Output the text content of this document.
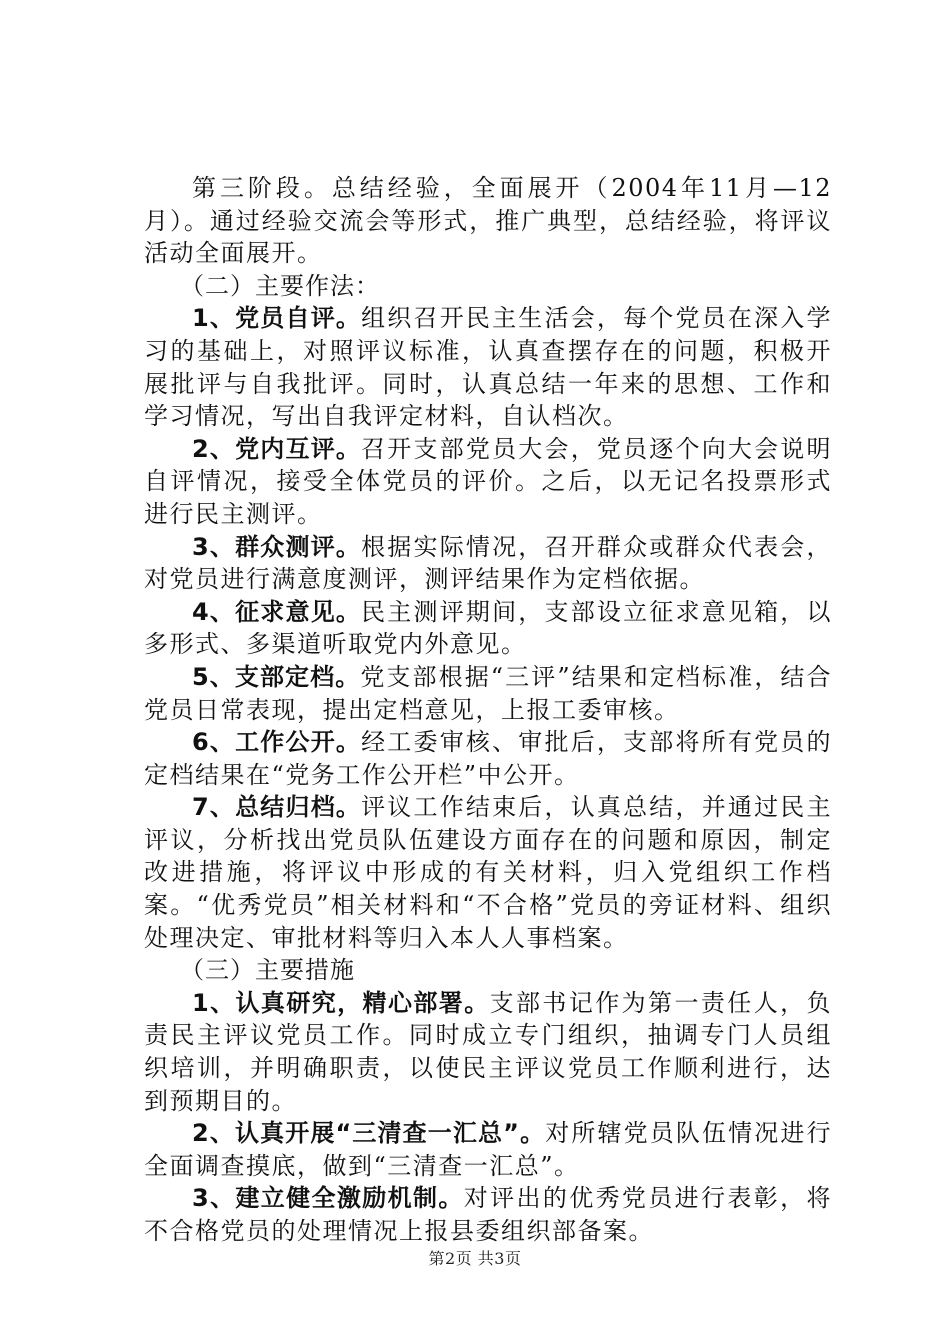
第三阶段。总结经验，全面展开（2004年11月—12月）。通过经验交流会等形式，推广典型，总结经验，将评议活动全面展开。

（二）主要作法：

1、党员自评。组织召开民主生活会，每个党员在深入学习的基础上，对照评议标准，认真查摆存在的问题，积极开展批评与自我批评。同时，认真总结一年来的思想、工作和学习情况，写出自我评定材料，自认档次。

2、党内互评。召开支部党员大会，党员逐个向大会说明自评情况，接受全体党员的评价。之后，以无记名投票形式进行民主测评。

3、群众测评。根据实际情况，召开群众或群众代表会，对党员进行满意度测评，测评结果作为定档依据。

4、征求意见。民主测评期间，支部设立征求意见箱，以多形式、多渠道听取党内外意见。

5、支部定档。党支部根据“三评”结果和定档标准，结合党员日常表现，提出定档意见，上报工委审核。

6、工作公开。经工委审核、审批后，支部将所有党员的定档结果在“党务工作公开栏”中公开。

7、总结归档。评议工作结束后，认真总结，并通过民主评议，分析找出党员队伍建设方面存在的问题和原因，制定改进措施，将评议中形成的有关材料，归入党组织工作档案。“优秀党员”相关材料和“不合格”党员的旁证材料、组织处理决定、审批材料等归入本人人事档案。

（三）主要措施

1、认真研究，精心部署。支部书记作为第一责任人，负责民主评议党员工作。同时成立专门组织，抽调专门人员组织培训，并明确职责，以使民主评议党员工作顺利进行，达到预期目的。

2、认真开展“三清查一汇总”。对所辖党员队伍情况进行全面调查摸底，做到“三清查一汇总”。

3、建立健全激励机制。对评出的优秀党员进行表彰，将不合格党员的处理情况上报县委组织部备案。

第2页 共3页
